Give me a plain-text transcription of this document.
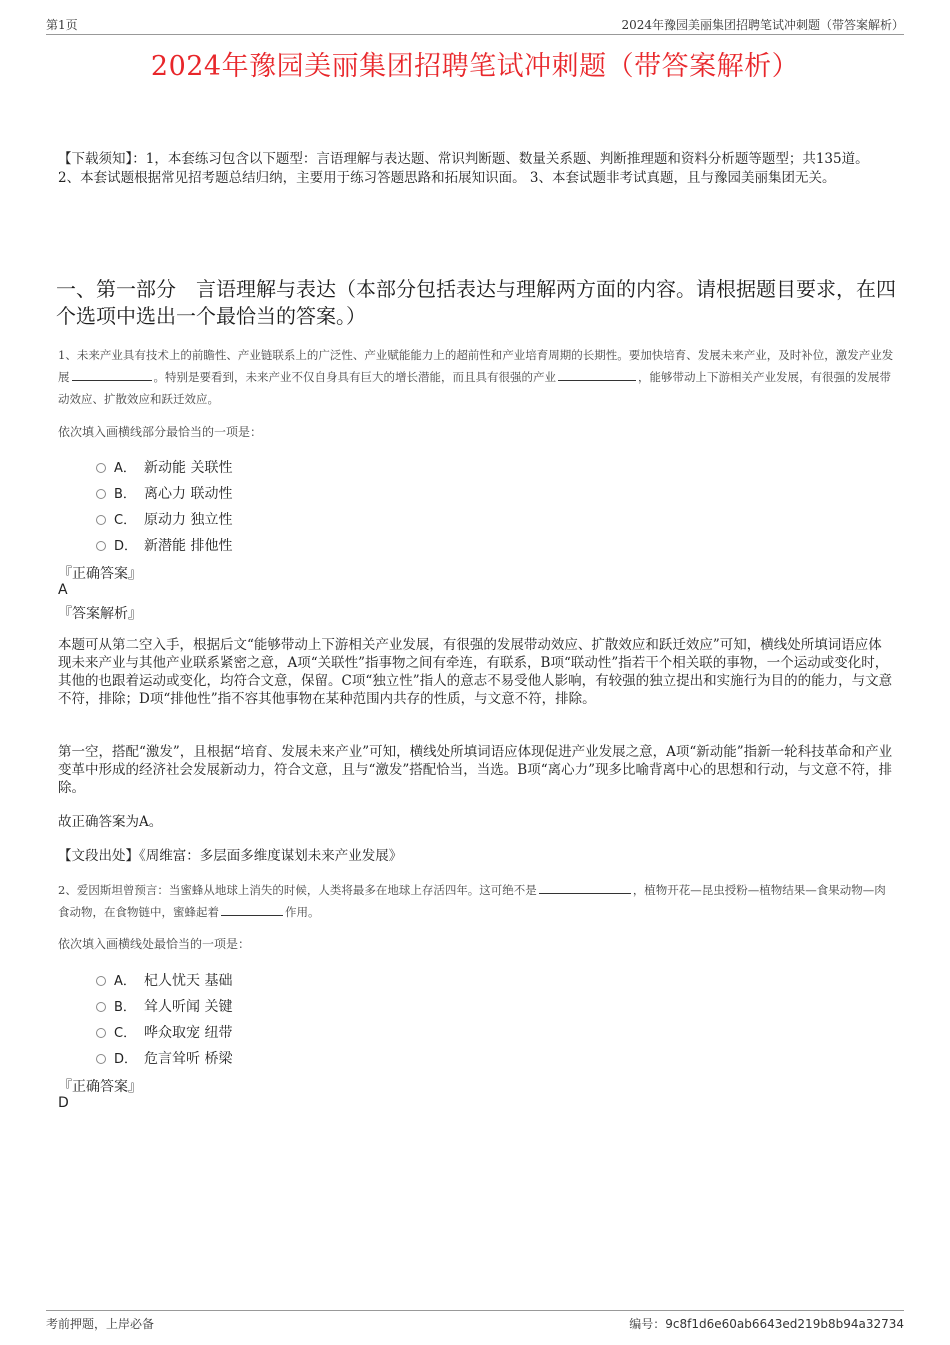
第1页	2024年豫园美丽集团招聘笔试冲刺题（带答案解析）
2024年豫园美丽集团招聘笔试冲刺题（带答案解析）
【下载须知】：1，本套练习包含以下题型：言语理解与表达题、常识判断题、数量关系题、判断推理题和资料分析题等题型；共135道。 2、本套试题根据常见招考题总结归纳，主要用于练习答题思路和拓展知识面。 3、本套试题非考试真题，且与豫园美丽集团无关。
一、第一部分　言语理解与表达（本部分包括表达与理解两方面的内容。请根据题目要求，在四个选项中选出一个最恰当的答案。）
1、未来产业具有技术上的前瞻性、产业链联系上的广泛性、产业赋能能力上的超前性和产业培育周期的长期性。要加快培育、发展未来产业，及时补位，激发产业发展	。特别是要看到，未来产业不仅自身具有巨大的增长潜能，而且具有很强的产业	，能够带动上下游相关产业发展，有很强的发展带动效应、扩散效应和跃迁效应。
依次填入画横线部分最恰当的一项是：
A． 新动能 关联性
B． 离心力 联动性
C． 原动力 独立性
D． 新潜能 排他性
『正确答案』
A
『答案解析』
本题可从第二空入手，根据后文“能够带动上下游相关产业发展，有很强的发展带动效应、扩散效应和跃迁效应”可知，横线处所填词语应体现未来产业与其他产业联系紧密之意，A项“关联性”指事物之间有牵连，有联系，B项“联动性”指若干个相关联的事物，一个运动或变化时，其他的也跟着运动或变化，均符合文意，保留。C项“独立性”指人的意志不易受他人影响，有较强的独立提出和实施行为目的的能力，与文意不符，排除；D项“排他性”指不容其他事物在某种范围内共存的性质，与文意不符，排除。
第一空，搭配“激发”，且根据“培育、发展未来产业”可知，横线处所填词语应体现促进产业发展之意，A项“新动能”指新一轮科技革命和产业变革中形成的经济社会发展新动力，符合文意，且与“激发”搭配恰当，当选。B项“离心力”现多比喻背离中心的思想和行动，与文意不符，排除。
故正确答案为A。
【文段出处】《周维富：多层面多维度谋划未来产业发展》
2、爱因斯坦曾预言：当蜜蜂从地球上消失的时候，人类将最多在地球上存活四年。这可绝不是	，植物开花—昆虫授粉—植物结果—食果动物—肉食动物，在食物链中，蜜蜂起着	作用。
依次填入画横线处最恰当的一项是：
A． 杞人忧天 基础
B． 耸人听闻 关键
C． 哗众取宠 纽带
D． 危言耸听 桥梁
『正确答案』
D
考前押题，上岸必备	编号：9c8f1d6e60ab6643ed219b8b94a32734
